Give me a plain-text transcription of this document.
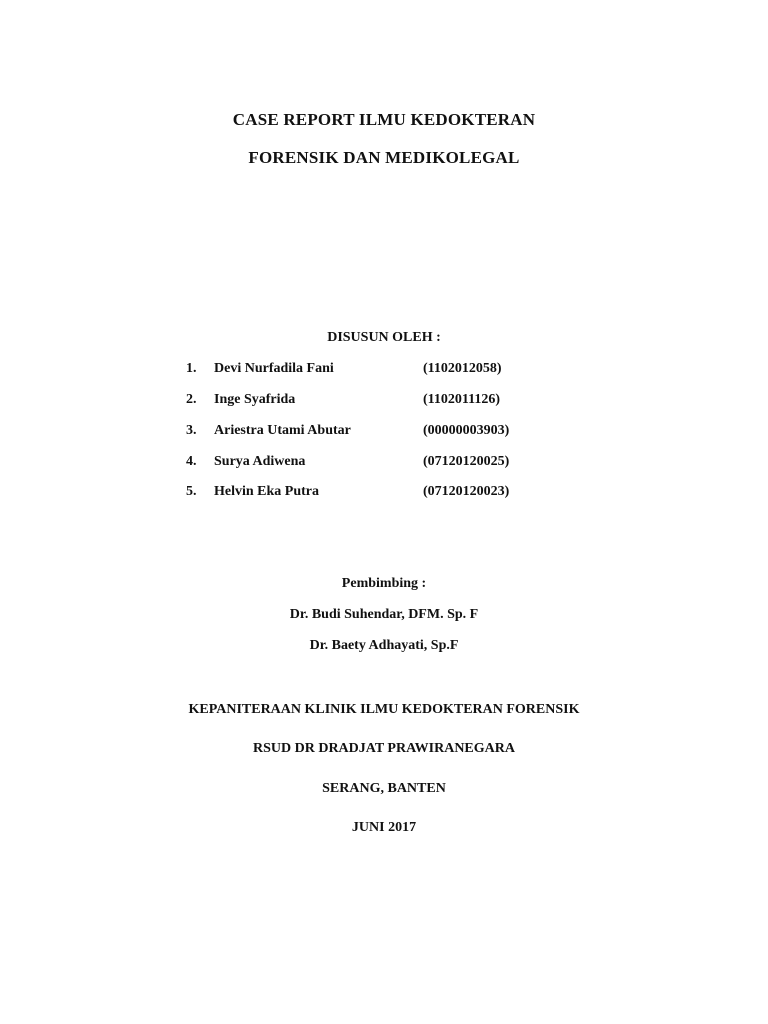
CASE REPORT ILMU KEDOKTERAN
FORENSIK DAN MEDIKOLEGAL
DISUSUN OLEH :
1. Devi Nurfadila Fani	(1102012058)
2. Inge Syafrida	(1102011126)
3. Ariestra Utami Abutar	(00000003903)
4. Surya Adiwena	(07120120025)
5. Helvin Eka Putra	(07120120023)
Pembimbing :
Dr. Budi Suhendar, DFM. Sp. F
Dr. Baety Adhayati, Sp.F
KEPANITERAAN KLINIK ILMU KEDOKTERAN FORENSIK
RSUD DR DRADJAT PRAWIRANEGARA
SERANG, BANTEN
JUNI 2017
